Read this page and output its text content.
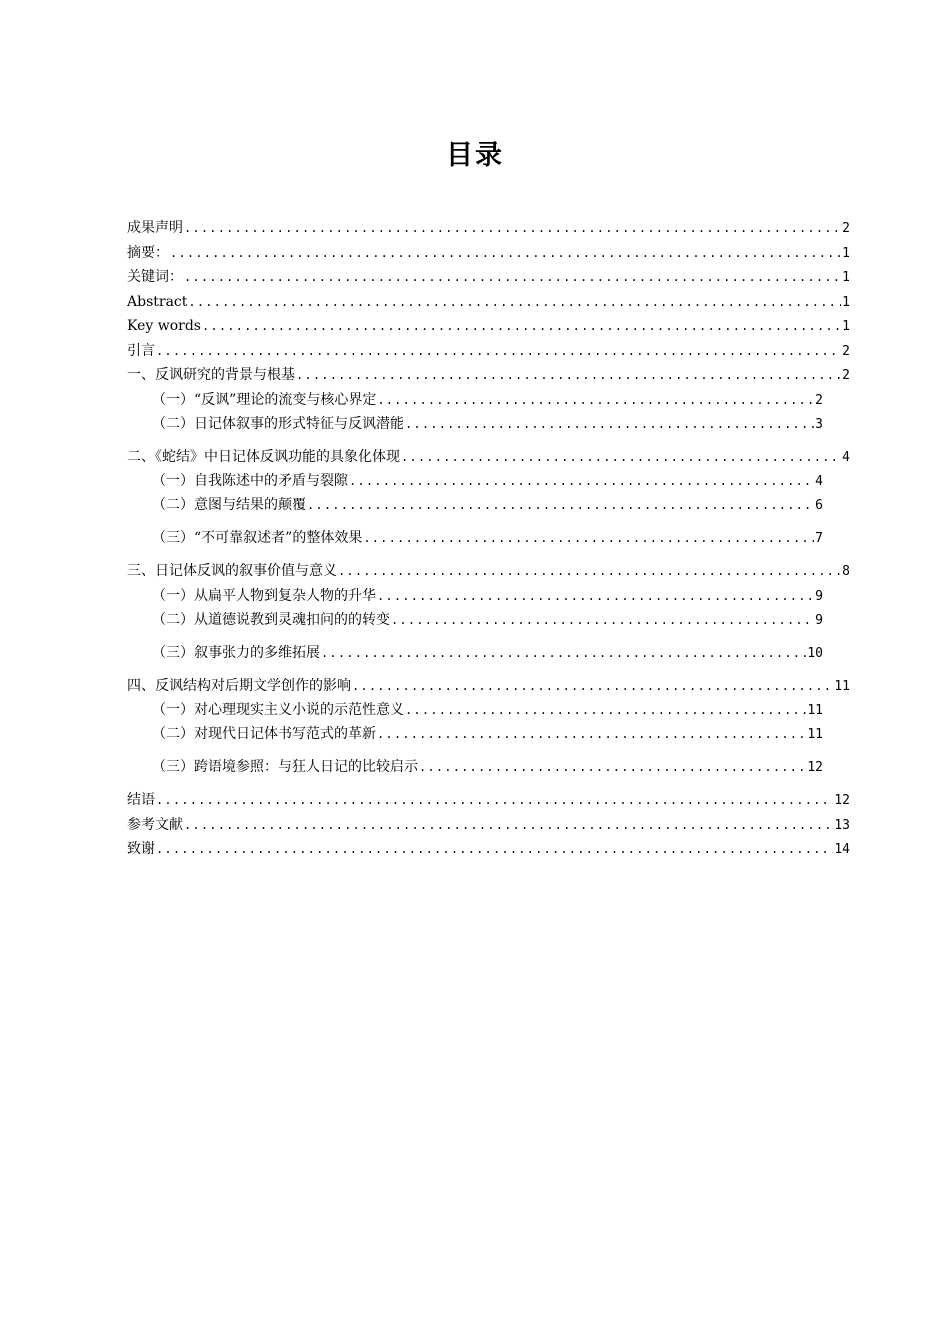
目录
成果声明 .....	2
摘要： .....	1
关键词： .....	1
Abstract .....	1
Key words .....	1
引言 .....	2
一、反讽研究的背景与根基 .....	2
（一）“反讽”理论的流变与核心界定 .....	2
（二）日记体叙事的形式特征与反讽潜能 .....	3
二、《蛇结》中日记体反讽功能的具象化体现 .....	4
（一）自我陈述中的矛盾与裂隙 .....	4
（二）意图与结果的颠覆 .....	6
（三）“不可靠叙述者”的整体效果 .....	7
三、日记体反讽的叙事价值与意义 .....	8
（一）从扁平人物到复杂人物的升华 .....	9
（二）从道德说教到灵魂扣问的的转变 .....	9
（三）叙事张力的多维拓展 .....	10
四、反讽结构对后期文学创作的影响 .....	11
（一）对心理现实主义小说的示范性意义 .....	11
（二）对现代日记体书写范式的革新 .....	11
（三）跨语境参照：与狂人日记的比较启示 .....	12
结语 .....	12
参考文献 .....	13
致谢 .....	14
